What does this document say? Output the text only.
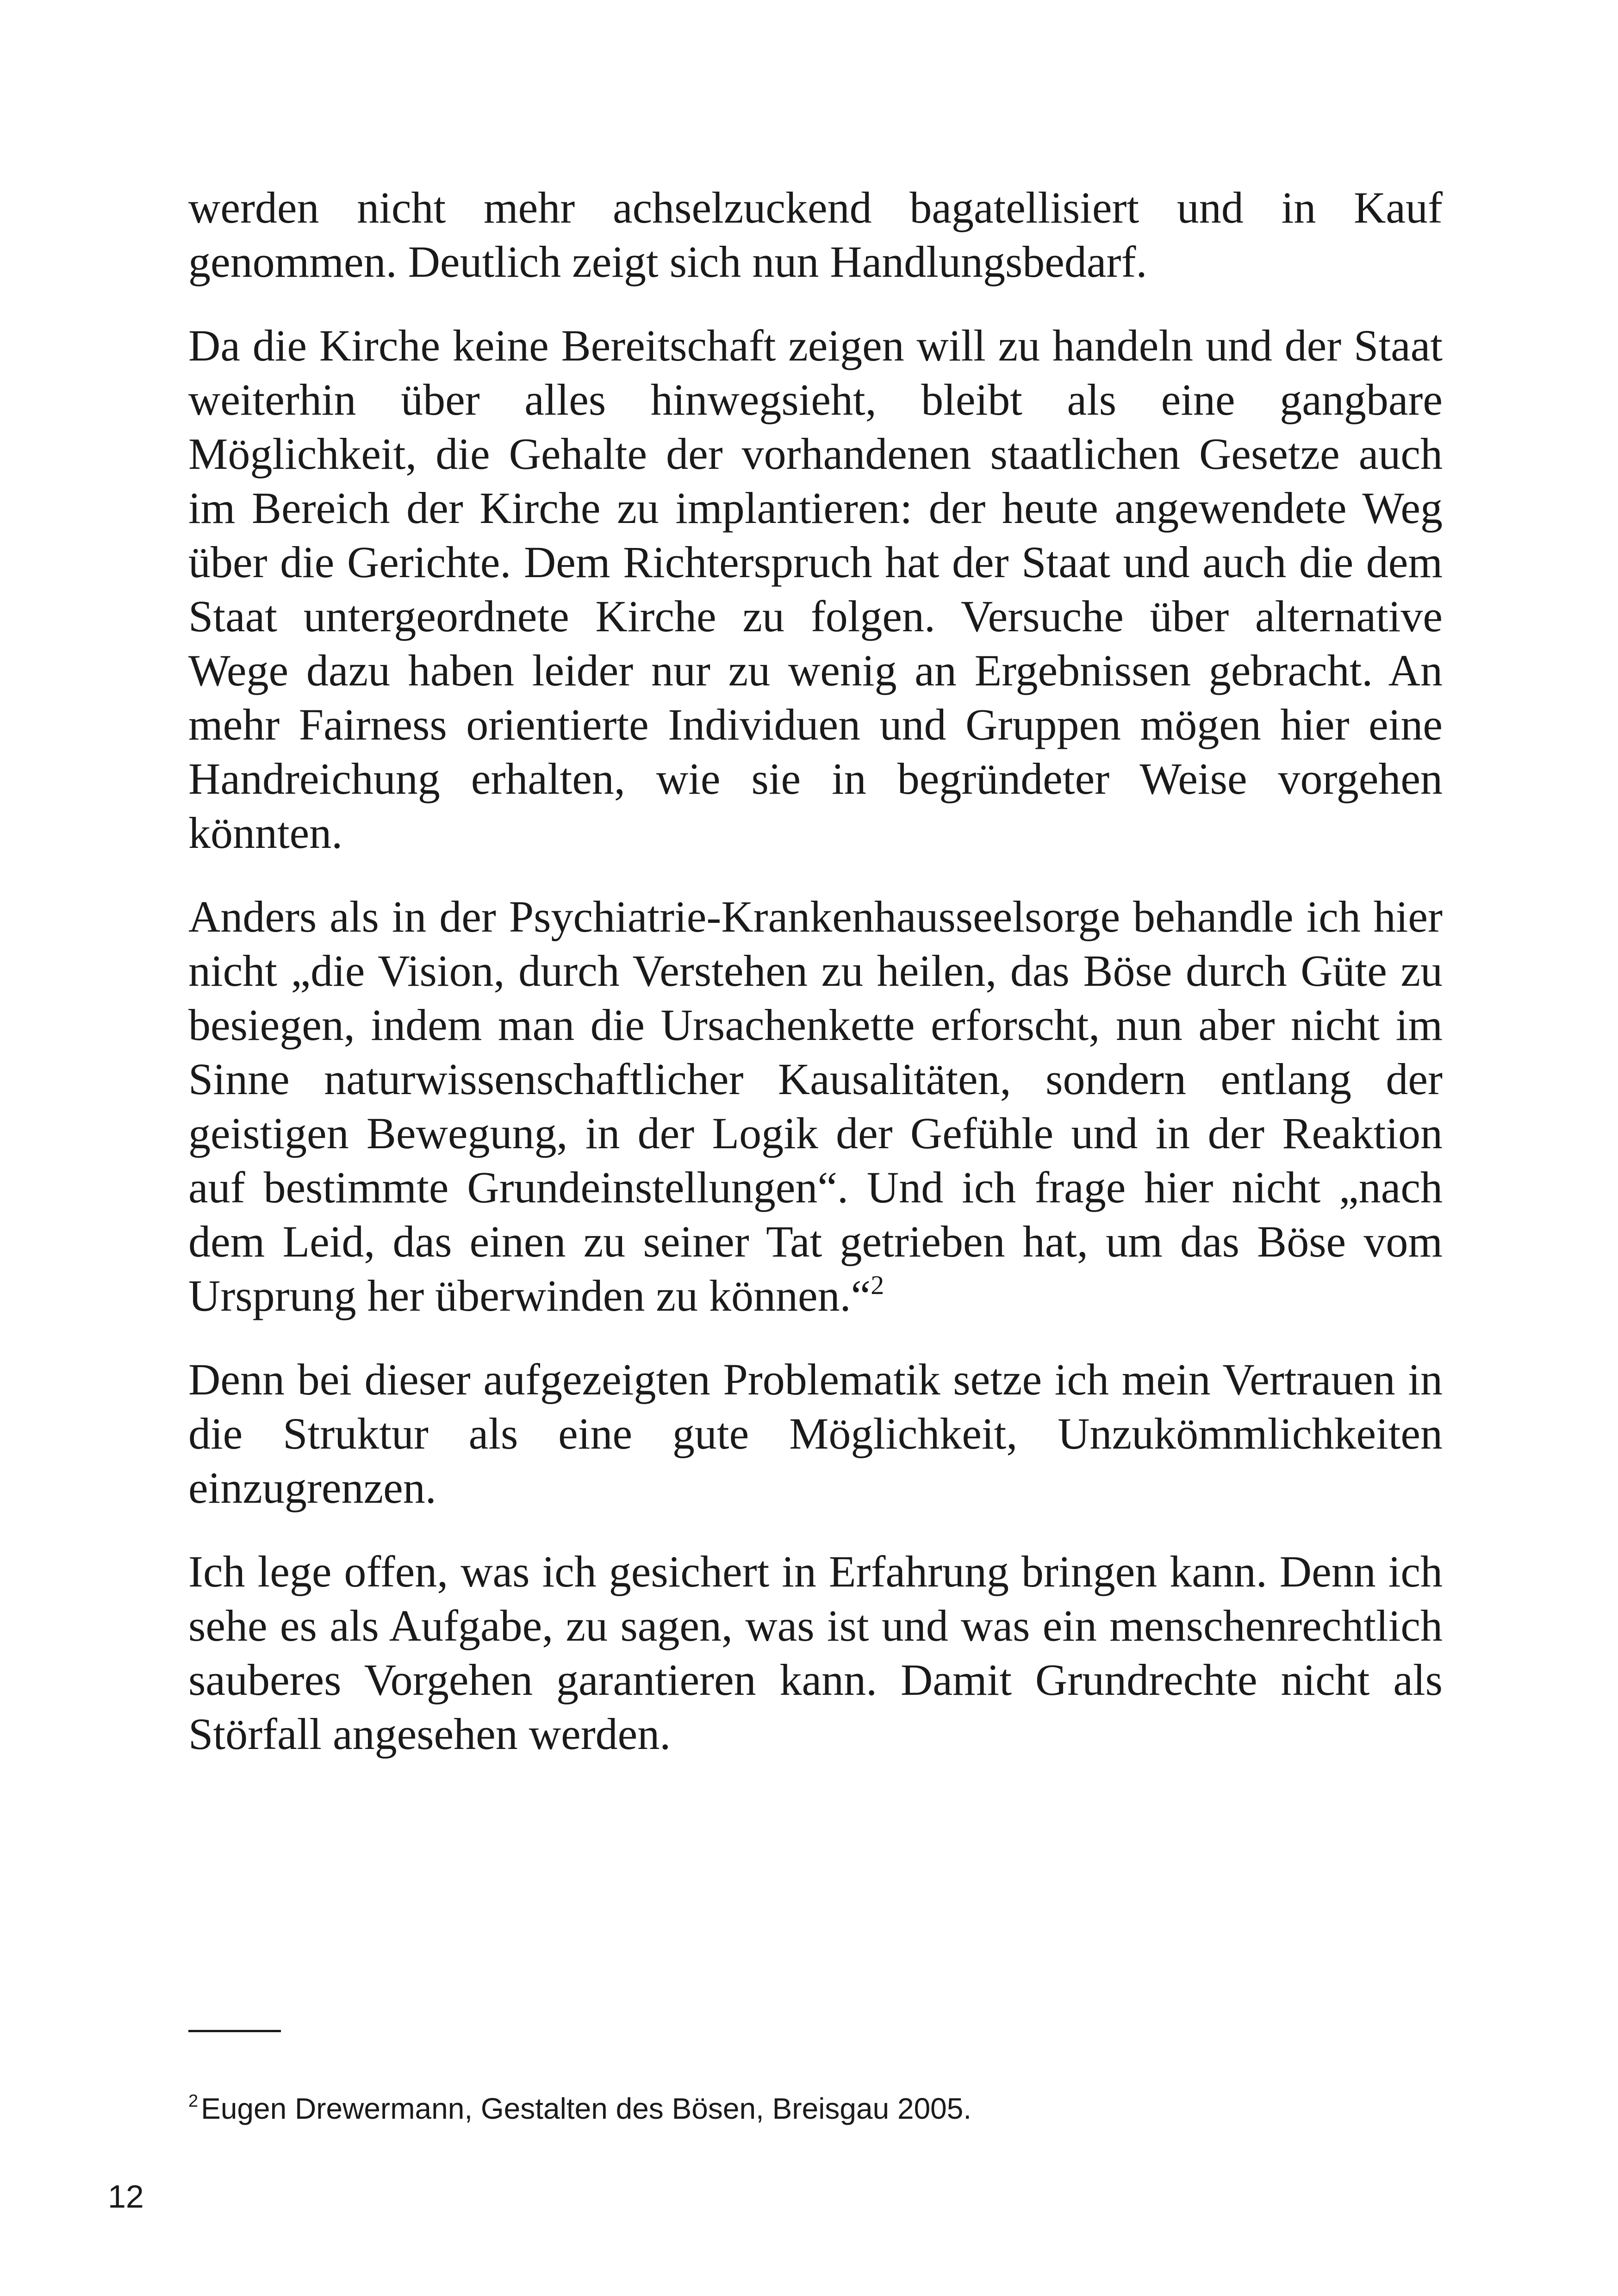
werden nicht mehr achselzuckend bagatellisiert und in Kauf genommen. Deutlich zeigt sich nun Handlungsbedarf.

Da die Kirche keine Bereitschaft zeigen will zu handeln und der Staat weiterhin über alles hinwegsieht, bleibt als eine gangbare Möglichkeit, die Gehalte der vorhandenen staatlichen Gesetze auch im Bereich der Kirche zu implantieren: der heute angewendete Weg über die Gerichte. Dem Richterspruch hat der Staat und auch die dem Staat untergeordnete Kirche zu folgen. Versuche über alternative Wege dazu haben leider nur zu wenig an Ergebnissen gebracht. An mehr Fairness orientierte Individuen und Gruppen mögen hier eine Handreichung erhalten, wie sie in begründeter Weise vorgehen könnten.

Anders als in der Psychiatrie-Krankenhausseelsorge behandle ich hier nicht „die Vision, durch Verstehen zu heilen, das Böse durch Güte zu besiegen, indem man die Ursachenkette erforscht, nun aber nicht im Sinne naturwissenschaftlicher Kausalitäten, sondern entlang der geistigen Bewegung, in der Logik der Gefühle und in der Reaktion auf bestimmte Grundeinstellungen“. Und ich frage hier nicht „nach dem Leid, das einen zu seiner Tat getrieben hat, um das Böse vom Ursprung her überwinden zu können.“$^2$

Denn bei dieser aufgezeigten Problematik setze ich mein Vertrauen in die Struktur als eine gute Möglichkeit, Unzukömmlichkeiten einzugrenzen.

Ich lege offen, was ich gesichert in Erfahrung bringen kann. Denn ich sehe es als Aufgabe, zu sagen, was ist und was ein menschenrechtlich sauberes Vorgehen garantieren kann. Damit Grundrechte nicht als Störfall angesehen werden.

$^2$Eugen Drewermann, Gestalten des Bösen, Breisgau 2005.
12
